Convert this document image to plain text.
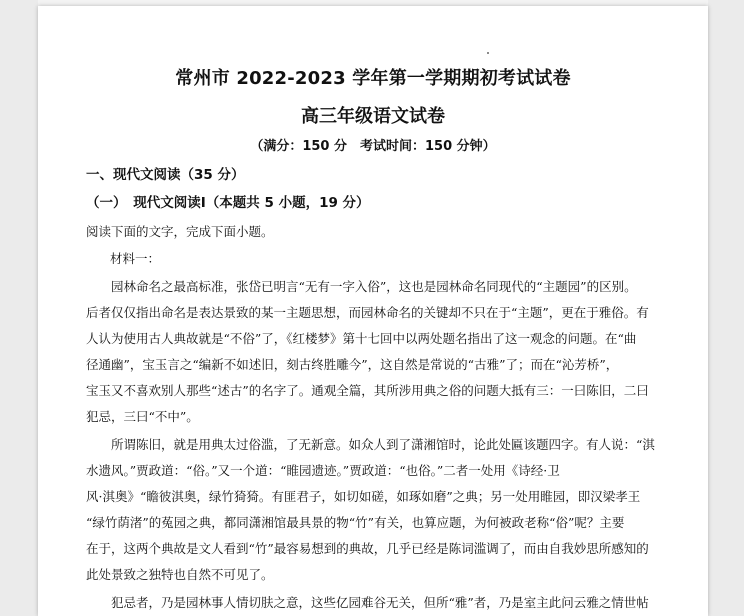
常州市 2022-2023 学年第一学期期初考试试卷
高三年级语文试卷
（满分：150 分　考试时间：150 分钟）
一、现代文阅读（35 分）
（一）　现代文阅读Ⅰ（本题共 5 小题，19 分）
阅读下面的文字，完成下面小题。
材料一：
　　园林命名之最高标准，张岱已明言“无有一字入俗”，这也是园林命名同现代的“主题园”的区别。
后者仅仅指出命名是表达景致的某一主题思想，而园林命名的关键却不只在于“主题”，更在于雅俗。有
人认为使用古人典故就是“不俗”了，《红楼梦》第十七回中以两处题名指出了这一观念的问题。在“曲
径通幽”，宝玉言之“编新不如述旧，刻古终胜雕今”，这自然是常说的“古雅”了；而在“沁芳桥”，
宝玉又不喜欢别人那些“述古”的名字了。通观全篇，其所涉用典之俗的问题大抵有三：一曰陈旧，二曰
犯忌，三曰“不中”。
　　所谓陈旧，就是用典太过俗滥，了无新意。如众人到了潇湘馆时，论此处匾该题四字。有人说：“淇
水遗风。”贾政道：“俗。”又一个道：“睢园遗迹。”贾政道：“也俗。”二者一处用《诗经·卫
风·淇奥》“瞻彼淇奥，绿竹猗猗。有匪君子，如切如磋，如琢如磨”之典；另一处用睢园，即汉梁孝王
“绿竹荫渚”的菟园之典，都同潇湘馆最具景的物“竹”有关，也算应题，为何被政老称“俗”呢？主要
在于，这两个典故是文人看到“竹”最容易想到的典故，几乎已经是陈词滥调了，而由自我妙思所感知的
此处景致之独特也自然不可见了。
　　犯忌者，乃是园林事人情切肤之意，这些亿园难谷无关，但所“雅”者，乃是室主此问云雅之情世帖
